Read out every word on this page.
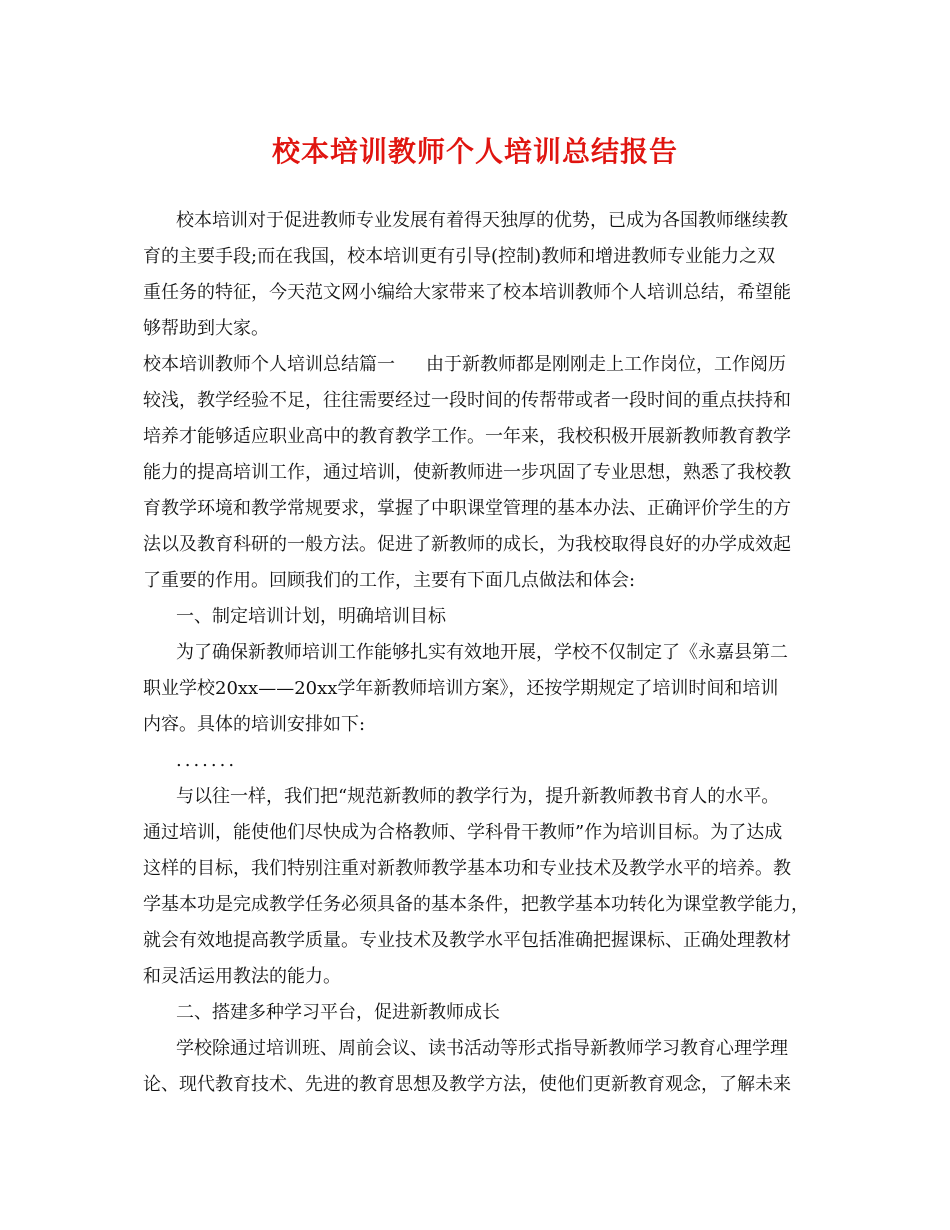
校本培训教师个人培训总结报告
校本培训对于促进教师专业发展有着得天独厚的优势，已成为各国教师继续教
育的主要手段;而在我国，校本培训更有引导(控制)教师和增进教师专业能力之双
重任务的特征，今天范文网小编给大家带来了校本培训教师个人培训总结，希望能
够帮助到大家。
校本培训教师个人培训总结篇一	由于新教师都是刚刚走上工作岗位，工作阅历
较浅，教学经验不足，往往需要经过一段时间的传帮带或者一段时间的重点扶持和
培养才能够适应职业高中的教育教学工作。一年来，我校积极开展新教师教育教学
能力的提高培训工作，通过培训，使新教师进一步巩固了专业思想，熟悉了我校教
育教学环境和教学常规要求，掌握了中职课堂管理的基本办法、正确评价学生的方
法以及教育科研的一般方法。促进了新教师的成长，为我校取得良好的办学成效起
了重要的作用。回顾我们的工作，主要有下面几点做法和体会:
一、制定培训计划，明确培训目标
为了确保新教师培训工作能够扎实有效地开展，学校不仅制定了《永嘉县第二
职业学校20xx——20xx学年新教师培训方案》，还按学期规定了培训时间和培训
内容。具体的培训安排如下:
.......
与以往一样，我们把“规范新教师的教学行为，提升新教师教书育人的水平。
通过培训，能使他们尽快成为合格教师、学科骨干教师”作为培训目标。为了达成
这样的目标，我们特别注重对新教师教学基本功和专业技术及教学水平的培养。教
学基本功是完成教学任务必须具备的基本条件，把教学基本功转化为课堂教学能力，
就会有效地提高教学质量。专业技术及教学水平包括准确把握课标、正确处理教材
和灵活运用教法的能力。
二、搭建多种学习平台，促进新教师成长
学校除通过培训班、周前会议、读书活动等形式指导新教师学习教育心理学理
论、现代教育技术、先进的教育思想及教学方法，使他们更新教育观念，了解未来
